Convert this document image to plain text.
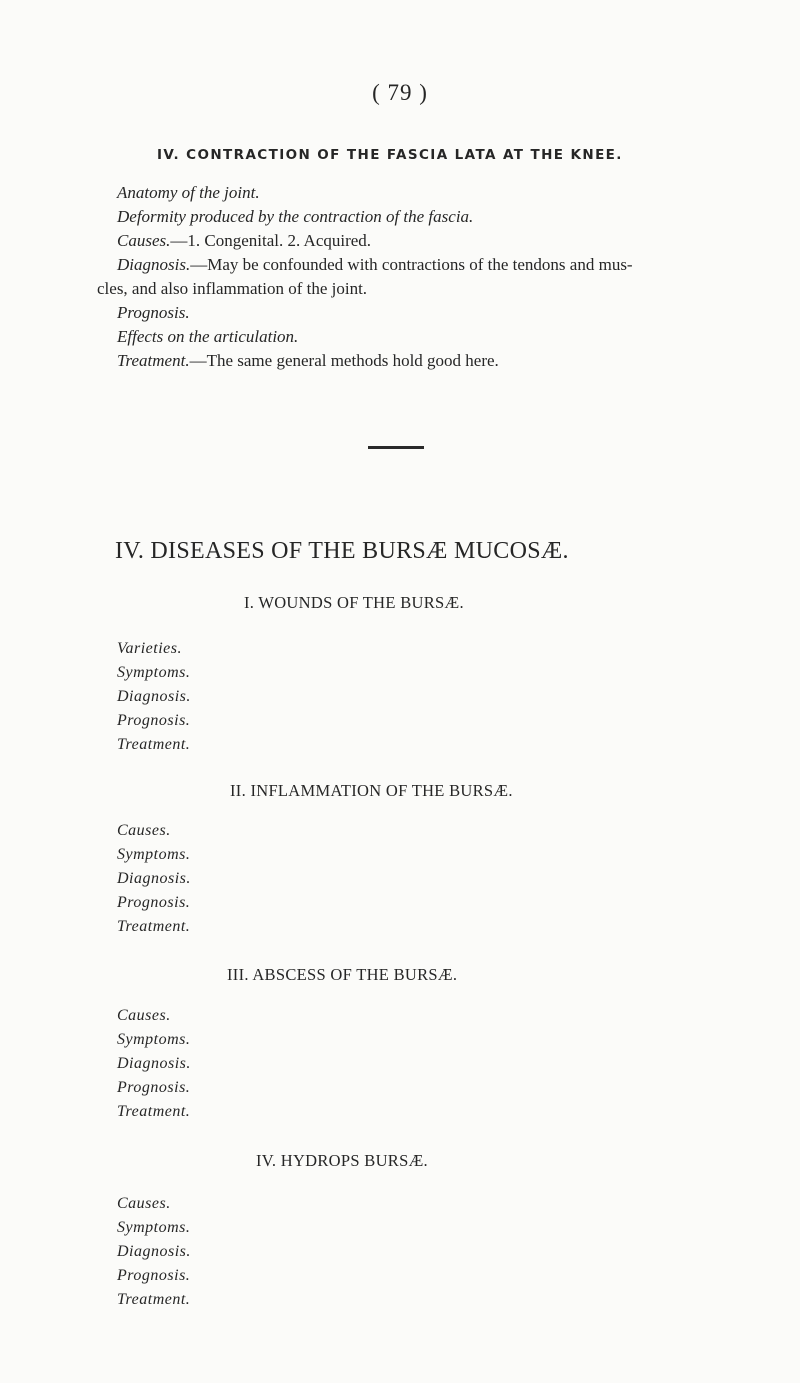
( 79 )
IV. CONTRACTION OF THE FASCIA LATA AT THE KNEE.
Anatomy of the joint.
Deformity produced by the contraction of the fascia.
Causes.—1. Congenital. 2. Acquired.
Diagnosis.—May be confounded with contractions of the tendons and mus-
cles, and also inflammation of the joint.
Prognosis.
Effects on the articulation.
Treatment.—The same general methods hold good here.
IV. DISEASES OF THE BURSÆ MUCOSÆ.
I. WOUNDS OF THE BURSÆ.
Varieties.
Symptoms.
Diagnosis.
Prognosis.
Treatment.
II. INFLAMMATION OF THE BURSÆ.
Causes.
Symptoms.
Diagnosis.
Prognosis.
Treatment.
III. ABSCESS OF THE BURSÆ.
Causes.
Symptoms.
Diagnosis.
Prognosis.
Treatment.
IV. HYDROPS BURSÆ.
Causes.
Symptoms.
Diagnosis.
Prognosis.
Treatment.
